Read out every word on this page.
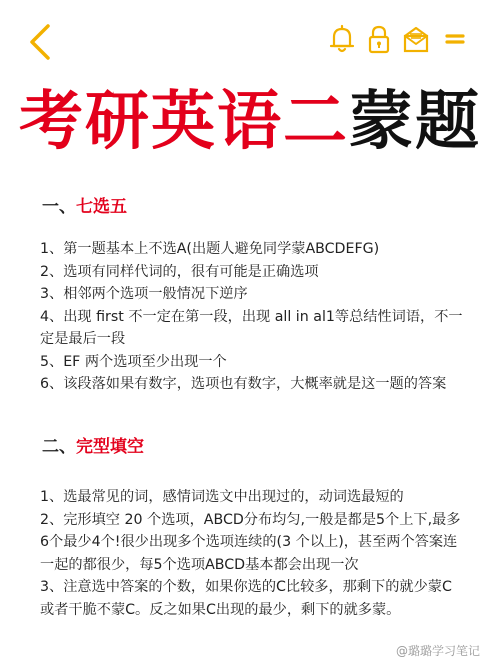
考研英语二蒙题
一、七选五

1、第一题基本上不选A(出题人避免同学蒙ABCDEFG)

2、选项有同样代词的，很有可能是正确选项

3、相邻两个选项一般情况下逆序

4、出现 first 不一定在第一段，出现 all in al1等总结性词语，不一定是最后一段

5、EF 两个选项至少出现一个

6、该段落如果有数字，选项也有数字，大概率就是这一题的答案

二、完型填空

1、选最常见的词，感情词选文中出现过的，动词选最短的

2、完形填空 20 个选项，ABCD分布均匀,一般是都是5个上下,最多6个最少4个!很少出现多个选项连续的(3 个以上)，甚至两个答案连一起的都很少，每5个选项ABCD基本都会出现一次

3、注意选中答案的个数，如果你选的C比较多，那剩下的就少蒙C或者干脆不蒙C。反之如果C出现的最少，剩下的就多蒙。

@璐璐学习笔记
